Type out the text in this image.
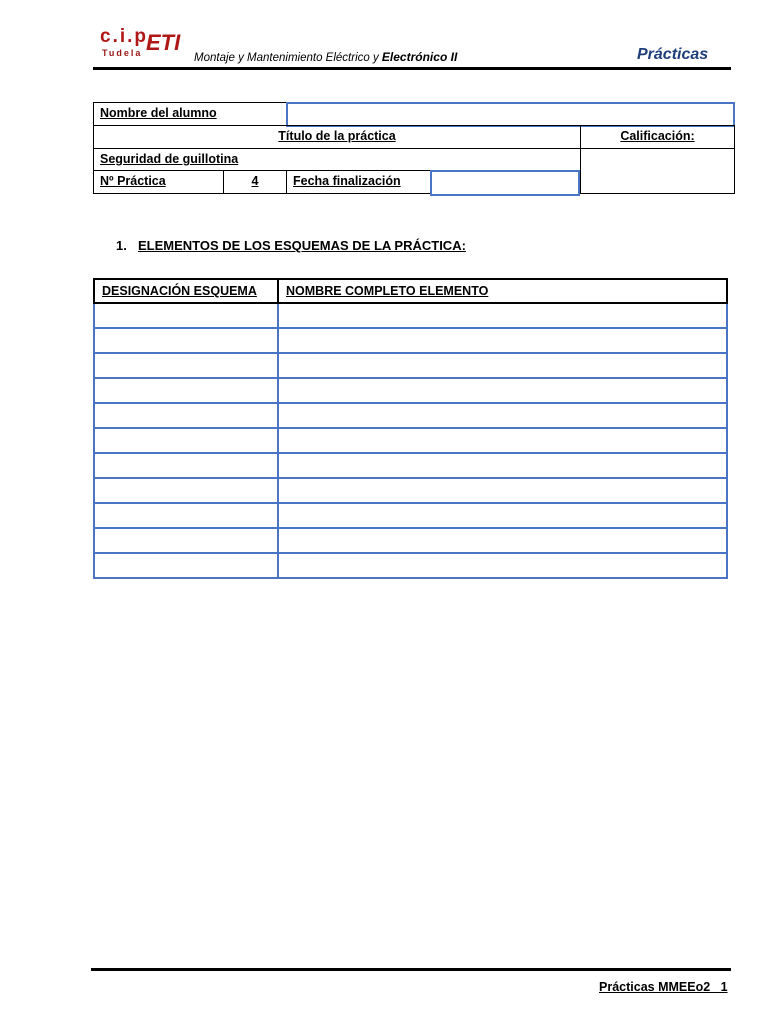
c.i.p.
ETI
Tudela	Montaje y Mantenimiento Eléctrico y Electrónico II	Prácticas
Nombre del alumno
Título de la práctica	Calificación:
Seguridad de guillotina
Nº Práctica	4	Fecha finalización
1. ELEMENTOS DE LOS ESQUEMAS DE LA PRÁCTICA:
DESIGNACIÓN ESQUEMA	NOMBRE COMPLETO ELEMENTO

Prácticas MMEEo2_ 1
